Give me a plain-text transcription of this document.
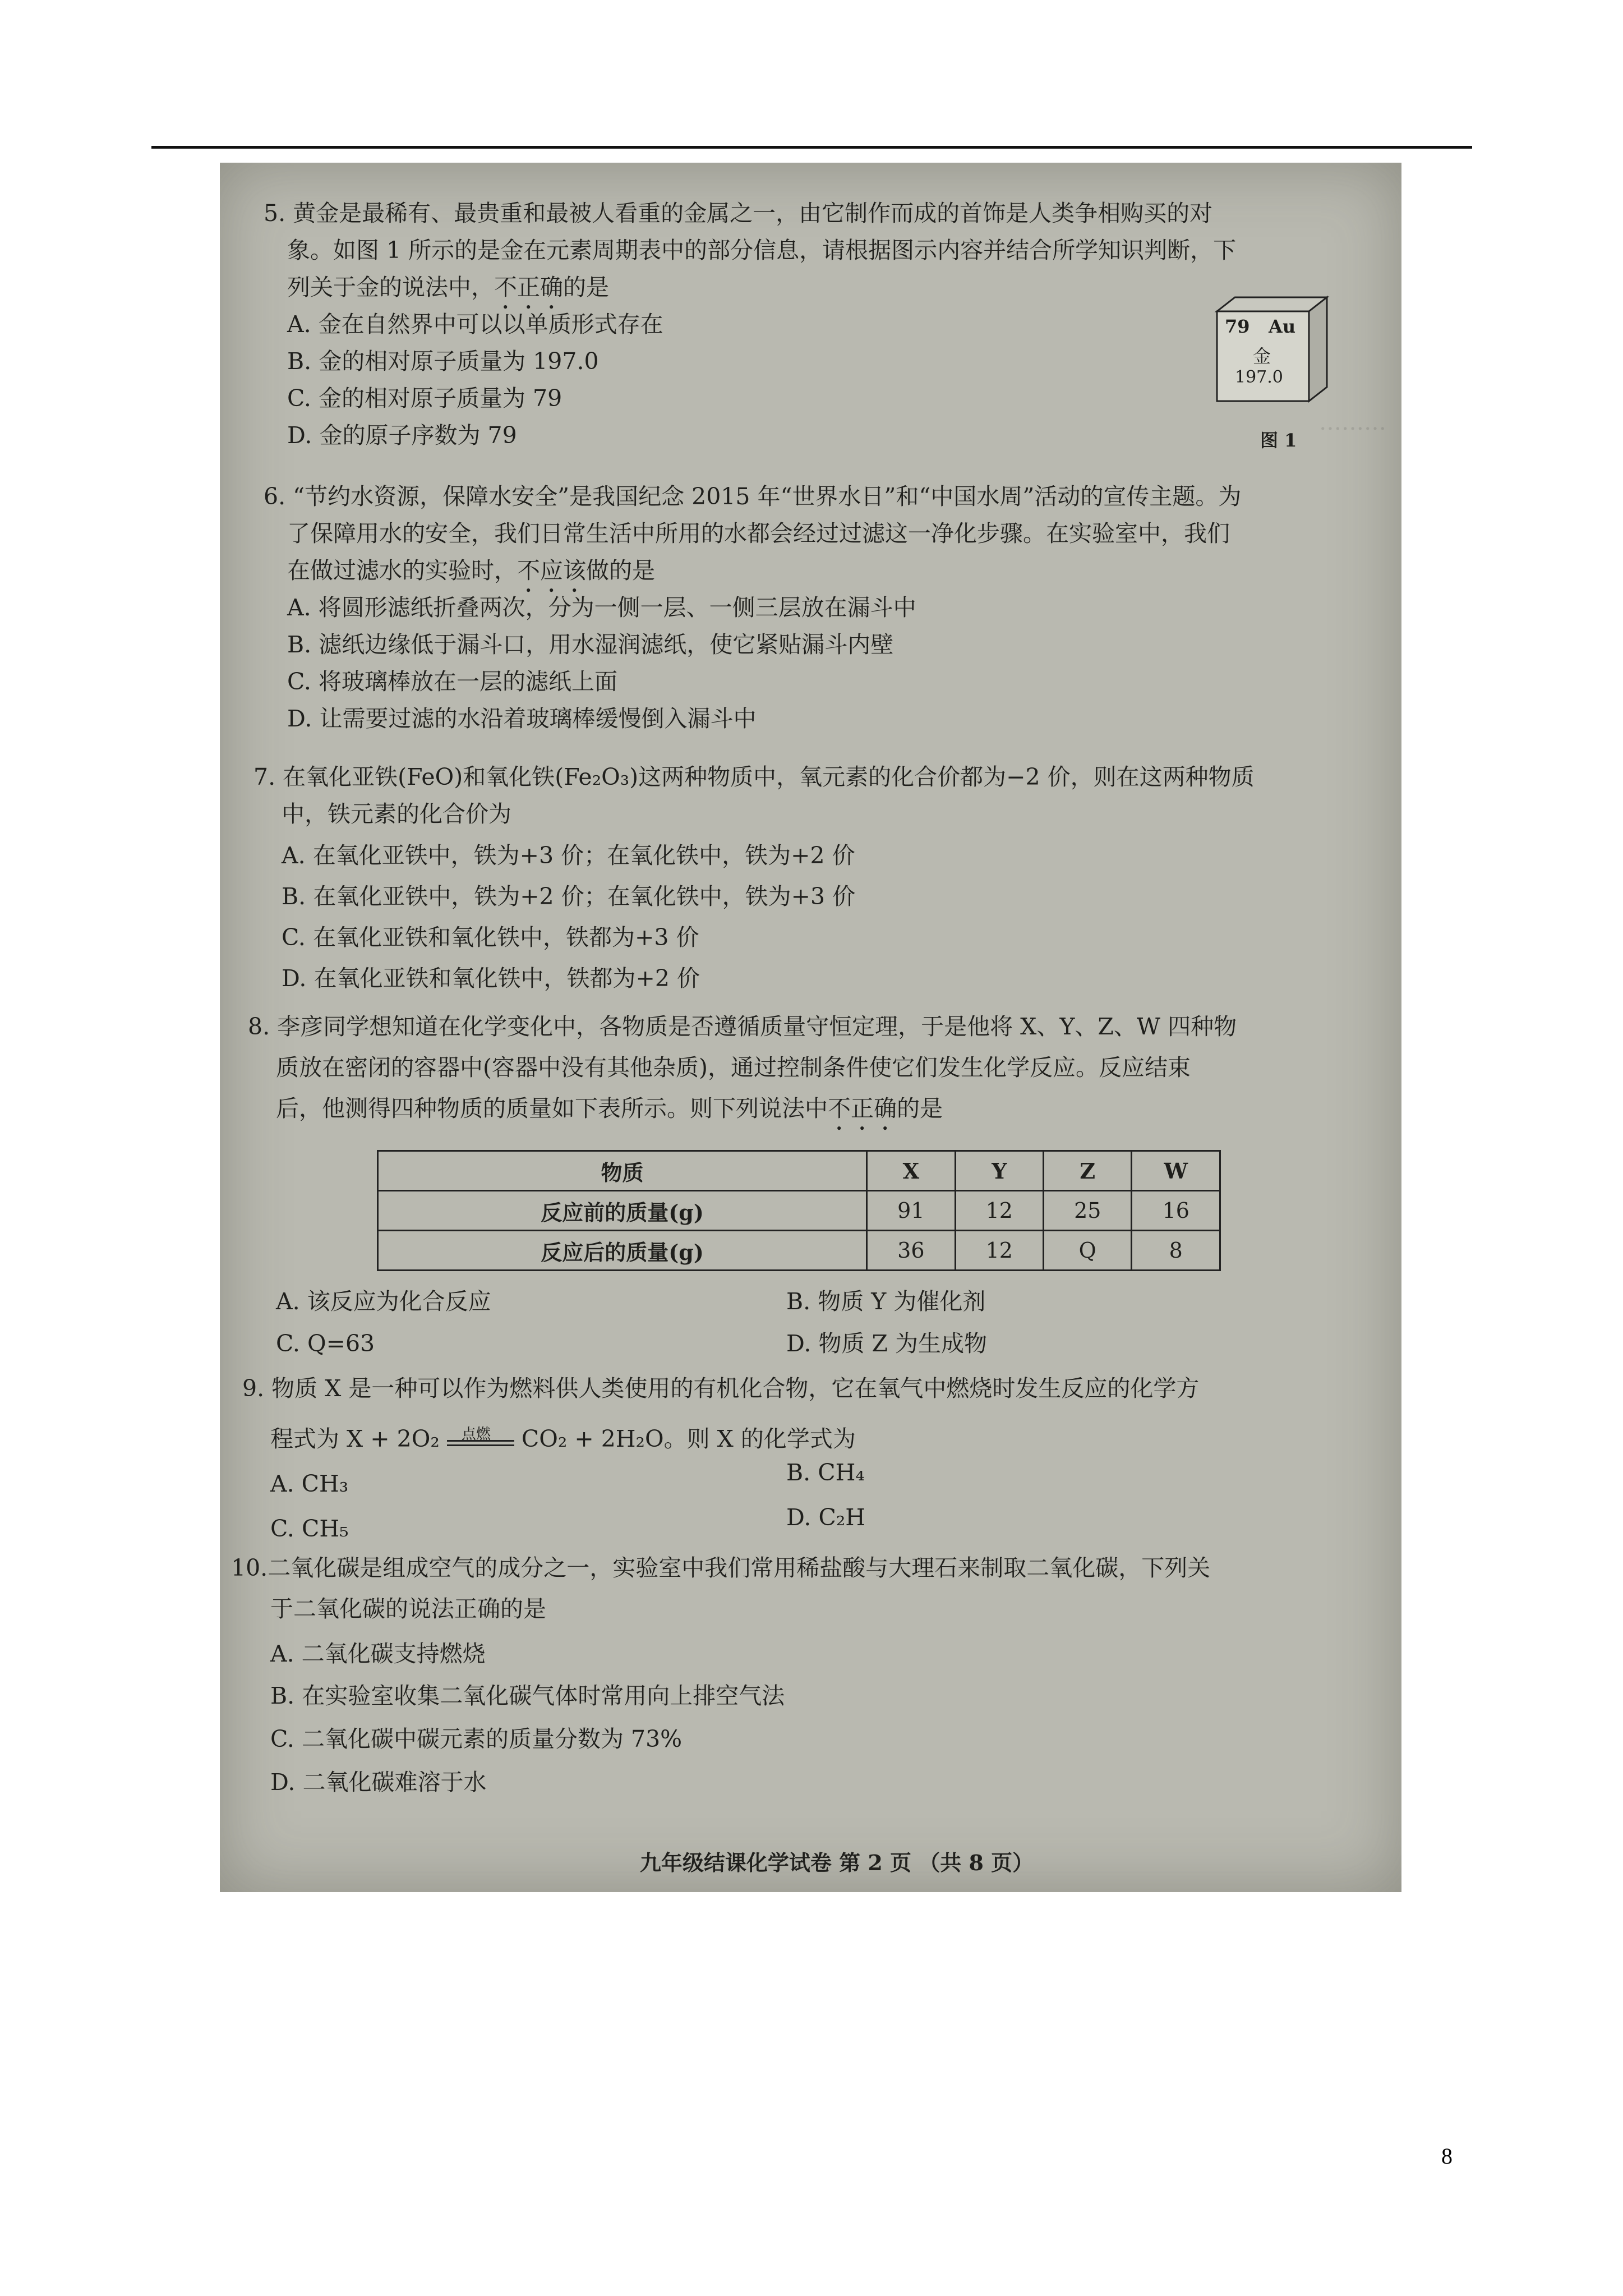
………
5. 黄金是最稀有、最贵重和最被人看重的金属之一，由它制作而成的首饰是人类争相购买的对
象。如图 1 所示的是金在元素周期表中的部分信息，请根据图示内容并结合所学知识判断，下
列关于金的说法中，不正确的是
A. 金在自然界中可以以单质形式存在
B. 金的相对原子质量为 197.0
C. 金的相对原子质量为 79
D. 金的原子序数为 79
79 Au
金
197.0
图 1
6. “节约水资源，保障水安全”是我国纪念 2015 年“世界水日”和“中国水周”活动的宣传主题。为
了保障用水的安全，我们日常生活中所用的水都会经过过滤这一净化步骤。在实验室中，我们
在做过滤水的实验时，不应该做的是
A. 将圆形滤纸折叠两次，分为一侧一层、一侧三层放在漏斗中
B. 滤纸边缘低于漏斗口，用水湿润滤纸，使它紧贴漏斗内壁
C. 将玻璃棒放在一层的滤纸上面
D. 让需要过滤的水沿着玻璃棒缓慢倒入漏斗中
7. 在氧化亚铁(FeO)和氧化铁(Fe₂O₃)这两种物质中，氧元素的化合价都为−2 价，则在这两种物质
中，铁元素的化合价为
A. 在氧化亚铁中，铁为+3 价；在氧化铁中，铁为+2 价
B. 在氧化亚铁中，铁为+2 价；在氧化铁中，铁为+3 价
C. 在氧化亚铁和氧化铁中，铁都为+3 价
D. 在氧化亚铁和氧化铁中，铁都为+2 价
8. 李彦同学想知道在化学变化中，各物质是否遵循质量守恒定理，于是他将 X、Y、Z、W 四种物
质放在密闭的容器中(容器中没有其他杂质)，通过控制条件使它们发生化学反应。反应结束
后，他测得四种物质的质量如下表所示。则下列说法中不正确的是
物质	X	Y	Z	W
反应前的质量(g)	91	12	25	16
反应后的质量(g)	36	12	Q	8
A. 该反应为化合反应	B. 物质 Y 为催化剂
C. Q=63	D. 物质 Z 为生成物
9. 物质 X 是一种可以作为燃料供人类使用的有机化合物，它在氧气中燃烧时发生反应的化学方
程式为 X + 2O₂ 点燃 CO₂ + 2H₂O。则 X 的化学式为
A. CH₃	B. CH₄
C. CH₅	D. C₂H
10.二氧化碳是组成空气的成分之一，实验室中我们常用稀盐酸与大理石来制取二氧化碳，下列关
于二氧化碳的说法正确的是
A. 二氧化碳支持燃烧
B. 在实验室收集二氧化碳气体时常用向上排空气法
C. 二氧化碳中碳元素的质量分数为 73%
D. 二氧化碳难溶于水
九年级结课化学试卷 第 2 页 （共 8 页）
8
